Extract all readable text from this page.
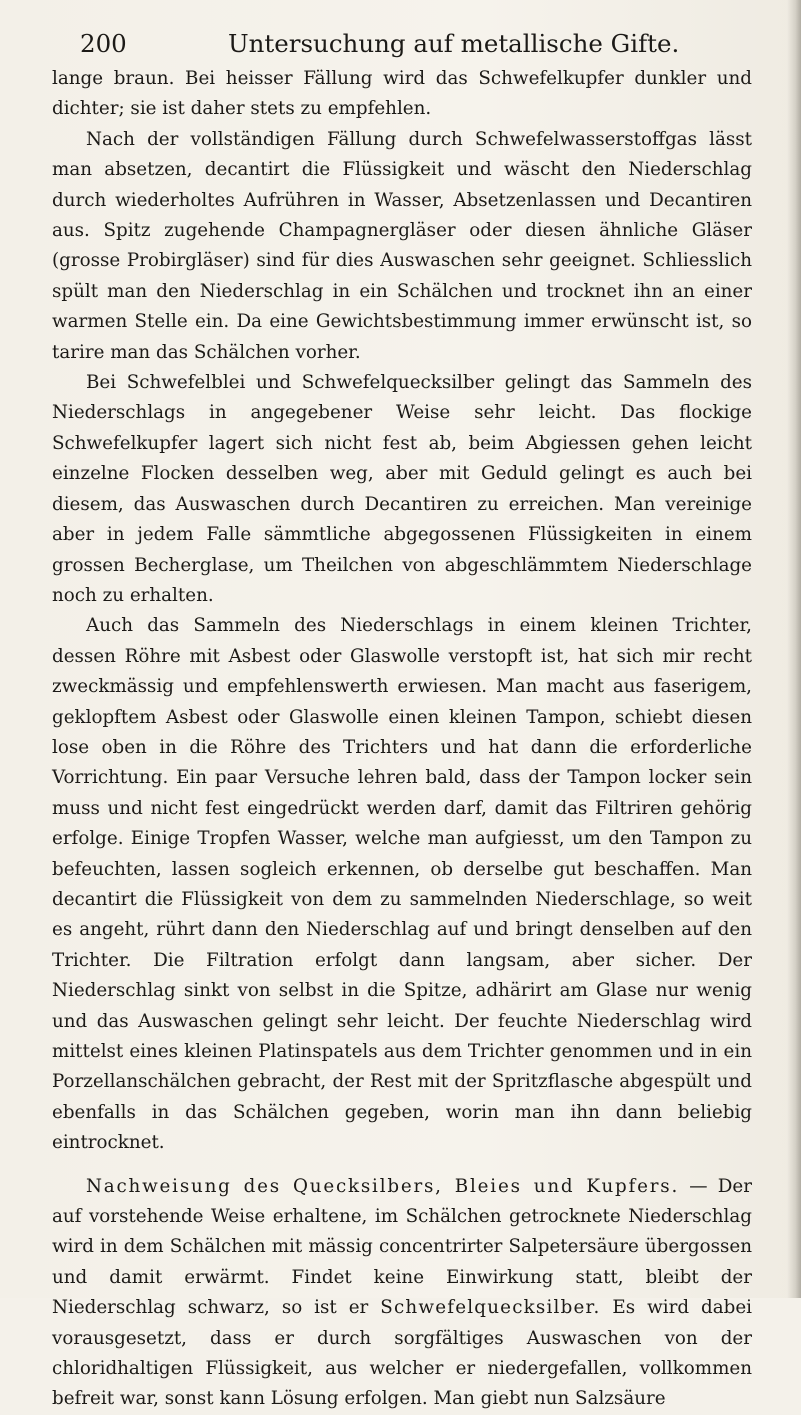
200	Untersuchung auf metallische Gifte.

lange braun. Bei heisser Fällung wird das Schwefelkupfer dunkler und dichter; sie ist daher stets zu empfehlen.

Nach der vollständigen Fällung durch Schwefelwasserstoffgas lässt man absetzen, decantirt die Flüssigkeit und wäscht den Niederschlag durch wiederholtes Aufrühren in Wasser, Absetzenlassen und Decantiren aus. Spitz zugehende Champagnergläser oder diesen ähnliche Gläser (grosse Probirgläser) sind für dies Auswaschen sehr geeignet. Schliesslich spült man den Niederschlag in ein Schälchen und trocknet ihn an einer warmen Stelle ein. Da eine Gewichtsbestimmung immer erwünscht ist, so tarire man das Schälchen vorher.

Bei Schwefelblei und Schwefelquecksilber gelingt das Sammeln des Niederschlags in angegebener Weise sehr leicht. Das flockige Schwefelkupfer lagert sich nicht fest ab, beim Abgiessen gehen leicht einzelne Flocken desselben weg, aber mit Geduld gelingt es auch bei diesem, das Auswaschen durch Decantiren zu erreichen. Man vereinige aber in jedem Falle sämmtliche abgegossenen Flüssigkeiten in einem grossen Becherglase, um Theilchen von abgeschlämmtem Niederschlage noch zu erhalten.

Auch das Sammeln des Niederschlags in einem kleinen Trichter, dessen Röhre mit Asbest oder Glaswolle verstopft ist, hat sich mir recht zweckmässig und empfehlenswerth erwiesen. Man macht aus faserigem, geklopftem Asbest oder Glaswolle einen kleinen Tampon, schiebt diesen lose oben in die Röhre des Trichters und hat dann die erforderliche Vorrichtung. Ein paar Versuche lehren bald, dass der Tampon locker sein muss und nicht fest eingedrückt werden darf, damit das Filtriren gehörig erfolge. Einige Tropfen Wasser, welche man aufgiesst, um den Tampon zu befeuchten, lassen sogleich erkennen, ob derselbe gut beschaffen. Man decantirt die Flüssigkeit von dem zu sammelnden Niederschlage, so weit es angeht, rührt dann den Niederschlag auf und bringt denselben auf den Trichter. Die Filtration erfolgt dann langsam, aber sicher. Der Niederschlag sinkt von selbst in die Spitze, adhärirt am Glase nur wenig und das Auswaschen gelingt sehr leicht. Der feuchte Niederschlag wird mittelst eines kleinen Platinspatels aus dem Trichter genommen und in ein Porzellanschälchen gebracht, der Rest mit der Spritzflasche abgespült und ebenfalls in das Schälchen gegeben, worin man ihn dann beliebig eintrocknet.

Nachweisung des Quecksilbers, Bleies und Kupfers. — Der auf vorstehende Weise erhaltene, im Schälchen getrocknete Niederschlag wird in dem Schälchen mit mässig concentrirter Salpetersäure übergossen und damit erwärmt. Findet keine Einwirkung statt, bleibt der Niederschlag schwarz, so ist er Schwefelquecksilber. Es wird dabei vorausgesetzt, dass er durch sorgfältiges Auswaschen von der chloridhaltigen Flüssigkeit, aus welcher er niedergefallen, vollkommen befreit war, sonst kann Lösung erfolgen. Man giebt nun Salzsäure
